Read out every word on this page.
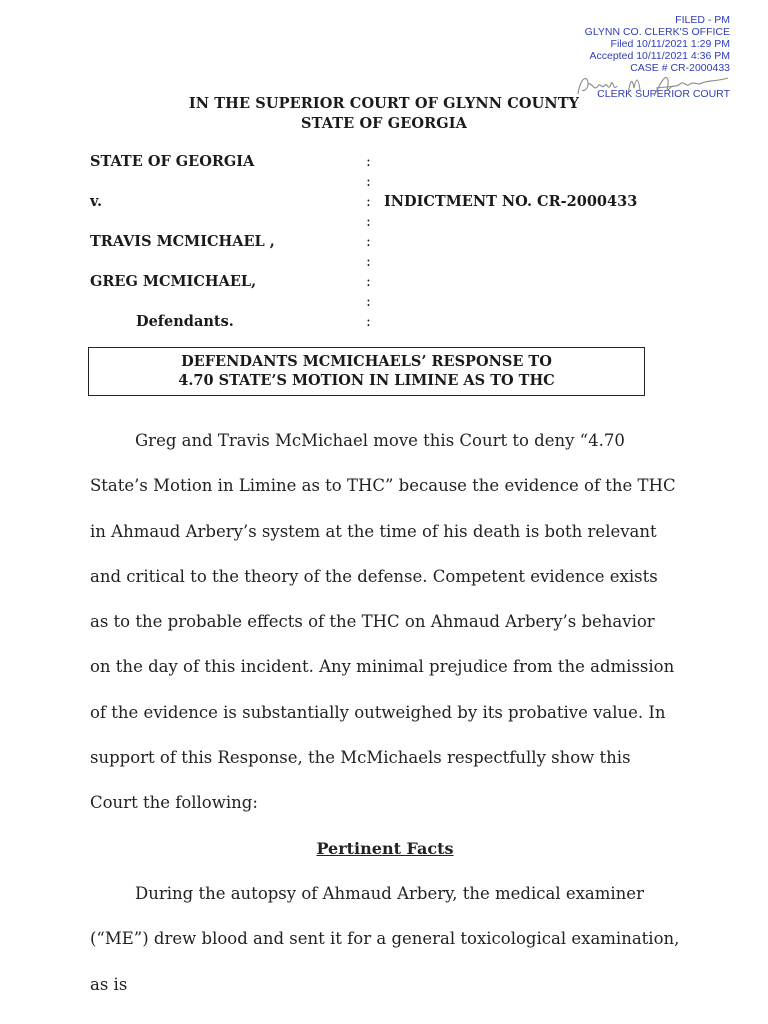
FILED - PM
GLYNN CO. CLERK'S OFFICE
Filed 10/11/2021 1:29 PM
Accepted 10/11/2021 4:36 PM
CASE # CR-2000433
CLERK SUPERIOR COURT
IN THE SUPERIOR COURT OF GLYNN COUNTY
STATE OF GEORGIA
STATE OF GEORGIA	:
:
v.	: INDICTMENT NO. CR-2000433
:
TRAVIS MCMICHAEL ,	:
:
GREG MCMICHAEL,	:
:
Defendants.	:
DEFENDANTS MCMICHAELS’ RESPONSE TO
4.70 STATE’S MOTION IN LIMINE AS TO THC

Greg and Travis McMichael move this Court to deny “4.70 State’s Motion in Limine as to THC” because the evidence of the THC in Ahmaud Arbery’s system at the time of his death is both relevant and critical to the theory of the defense. Competent evidence exists as to the probable effects of the THC on Ahmaud Arbery’s behavior on the day of this incident. Any minimal prejudice from the admission of the evidence is substantially outweighed by its probative value. In support of this Response, the McMichaels respectfully show this Court the following:

Pertinent Facts

During the autopsy of Ahmaud Arbery, the medical examiner (“ME”) drew blood and sent it for a general toxicological examination, as is
